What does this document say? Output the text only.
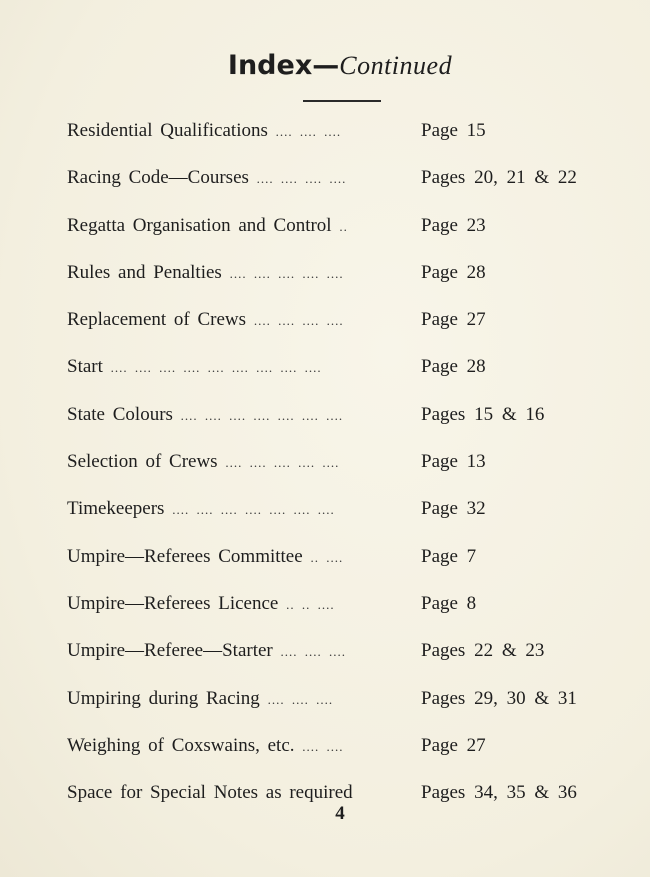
Index—Continued
Residential Qualifications .... .... ....	Page 15
Racing Code—Courses .... .... .... ....	Pages 20, 21 & 22
Regatta Organisation and Control ..	Page 23
Rules and Penalties .... .... .... .... ....	Page 28
Replacement of Crews .... .... .... ....	Page 27
Start .... .... .... .... .... .... .... .... ....	Page 28
State Colours .... .... .... .... .... .... ....	Pages 15 & 16
Selection of Crews .... .... .... .... ....	Page 13
Timekeepers .... .... .... .... .... .... ....	Page 32
Umpire—Referees Committee .. ....	Page 7
Umpire—Referees Licence .. .. ....	Page 8
Umpire—Referee—Starter .... .... ....	Pages 22 & 23
Umpiring during Racing .... .... ....	Pages 29, 30 & 31
Weighing of Coxswains, etc. .... ....	Page 27
Space for Special Notes as required	Pages 34, 35 & 36
4
